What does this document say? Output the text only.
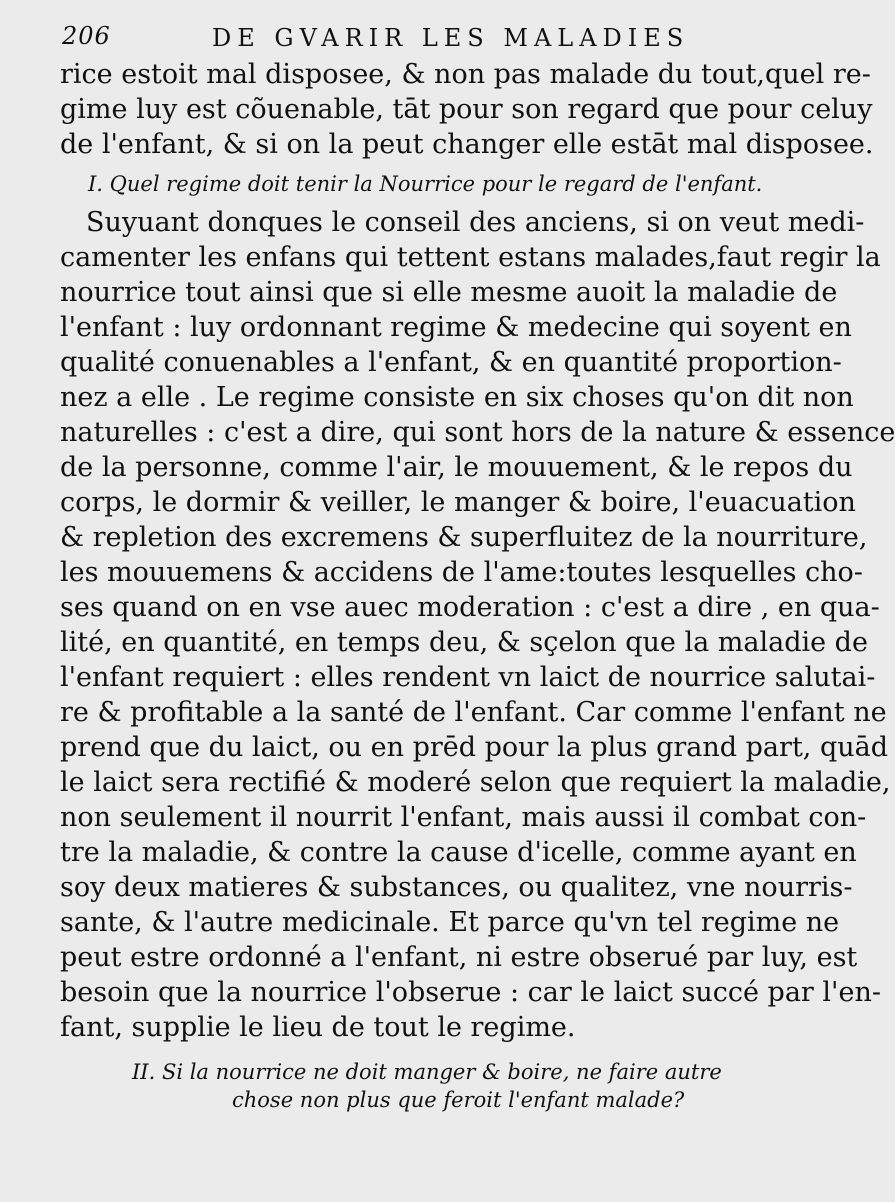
206	DE GVARIR LES MALADIES
rice estoit mal disposee, & non pas malade du tout,quel re-
gime luy est cõuenable, tāt pour son regard que pour celuy
de l'enfant, & si on la peut changer elle estāt mal disposee.
I. Quel regime doit tenir la Nourrice pour le regard de l'enfant.
Suyuant donques le conseil des anciens, si on veut medi-
camenter les enfans qui tettent estans malades,faut regir la
nourrice tout ainsi que si elle mesme auoit la maladie de
l'enfant : luy ordonnant regime & medecine qui soyent en
qualité conuenables a l'enfant, & en quantité proportion-
nez a elle . Le regime consiste en six choses qu'on dit non
naturelles : c'est a dire, qui sont hors de la nature & essence
de la personne, comme l'air, le mouuement, & le repos du
corps, le dormir & veiller, le manger & boire, l'euacuation
& repletion des excremens & superfluitez de la nourriture,
les mouuemens & accidens de l'ame:toutes lesquelles cho-
ses quand on en vse auec moderation : c'est a dire , en qua-
lité, en quantité, en temps deu, & sçelon que la maladie de
l'enfant requiert : elles rendent vn laict de nourrice salutai-
re & profitable a la santé de l'enfant. Car comme l'enfant ne
prend que du laict, ou en prēd pour la plus grand part, quād
le laict sera rectifié & moderé selon que requiert la maladie,
non seulement il nourrit l'enfant, mais aussi il combat con-
tre la maladie, & contre la cause d'icelle, comme ayant en
soy deux matieres & substances, ou qualitez, vne nourris-
sante, & l'autre medicinale. Et parce qu'vn tel regime ne
peut estre ordonné a l'enfant, ni estre obserué par luy, est
besoin que la nourrice l'obserue : car le laict succé par l'en-
fant, supplie le lieu de tout le regime.
II. Si la nourrice ne doit manger & boire, ne faire autre
chose non plus que feroit l'enfant malade?
